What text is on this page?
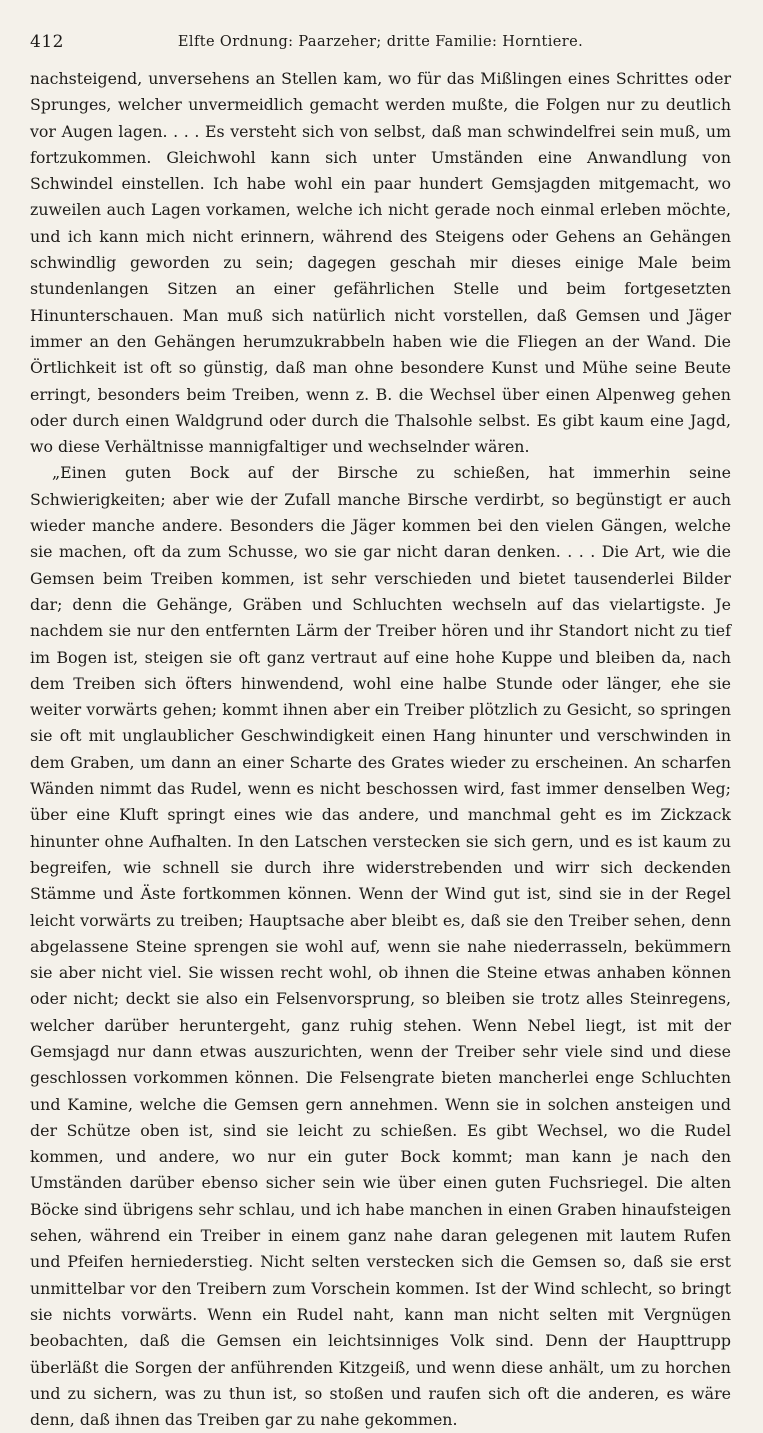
412	Elfte Ordnung: Paarzeher; dritte Familie: Horntiere.

nachsteigend, unversehens an Stellen kam, wo für das Mißlingen eines Schrittes oder Sprunges, welcher unvermeidlich gemacht werden mußte, die Folgen nur zu deutlich vor Augen lagen. . . . Es versteht sich von selbst, daß man schwindelfrei sein muß, um fortzukommen. Gleichwohl kann sich unter Umständen eine Anwandlung von Schwindel einstellen. Ich habe wohl ein paar hundert Gemsjagden mitgemacht, wo zuweilen auch Lagen vorkamen, welche ich nicht gerade noch einmal erleben möchte, und ich kann mich nicht erinnern, während des Steigens oder Gehens an Gehängen schwindlig geworden zu sein; dagegen geschah mir dieses einige Male beim stundenlangen Sitzen an einer gefährlichen Stelle und beim fortgesetzten Hinunterschauen. Man muß sich natürlich nicht vorstellen, daß Gemsen und Jäger immer an den Gehängen herumzukrabbeln haben wie die Fliegen an der Wand. Die Örtlichkeit ist oft so günstig, daß man ohne besondere Kunst und Mühe seine Beute erringt, besonders beim Treiben, wenn z. B. die Wechsel über einen Alpenweg gehen oder durch einen Waldgrund oder durch die Thalsohle selbst. Es gibt kaum eine Jagd, wo diese Verhältnisse mannigfaltiger und wechselnder wären.

„Einen guten Bock auf der Birsche zu schießen, hat immerhin seine Schwierigkeiten; aber wie der Zufall manche Birsche verdirbt, so begünstigt er auch wieder manche andere. Besonders die Jäger kommen bei den vielen Gängen, welche sie machen, oft da zum Schusse, wo sie gar nicht daran denken. . . . Die Art, wie die Gemsen beim Treiben kommen, ist sehr verschieden und bietet tausenderlei Bilder dar; denn die Gehänge, Gräben und Schluchten wechseln auf das vielartigste. Je nachdem sie nur den entfernten Lärm der Treiber hören und ihr Standort nicht zu tief im Bogen ist, steigen sie oft ganz vertraut auf eine hohe Kuppe und bleiben da, nach dem Treiben sich öfters hinwendend, wohl eine halbe Stunde oder länger, ehe sie weiter vorwärts gehen; kommt ihnen aber ein Treiber plötzlich zu Gesicht, so springen sie oft mit unglaublicher Geschwindigkeit einen Hang hinunter und verschwinden in dem Graben, um dann an einer Scharte des Grates wieder zu erscheinen. An scharfen Wänden nimmt das Rudel, wenn es nicht beschossen wird, fast immer denselben Weg; über eine Kluft springt eines wie das andere, und manchmal geht es im Zickzack hinunter ohne Aufhalten. In den Latschen verstecken sie sich gern, und es ist kaum zu begreifen, wie schnell sie durch ihre widerstrebenden und wirr sich deckenden Stämme und Äste fortkommen können. Wenn der Wind gut ist, sind sie in der Regel leicht vorwärts zu treiben; Hauptsache aber bleibt es, daß sie den Treiber sehen, denn abgelassene Steine sprengen sie wohl auf, wenn sie nahe niederrasseln, bekümmern sie aber nicht viel. Sie wissen recht wohl, ob ihnen die Steine etwas anhaben können oder nicht; deckt sie also ein Felsenvorsprung, so bleiben sie trotz alles Steinregens, welcher darüber heruntergeht, ganz ruhig stehen. Wenn Nebel liegt, ist mit der Gemsjagd nur dann etwas auszurichten, wenn der Treiber sehr viele sind und diese geschlossen vorkommen können. Die Felsengrate bieten mancherlei enge Schluchten und Kamine, welche die Gemsen gern annehmen. Wenn sie in solchen ansteigen und der Schütze oben ist, sind sie leicht zu schießen. Es gibt Wechsel, wo die Rudel kommen, und andere, wo nur ein guter Bock kommt; man kann je nach den Umständen darüber ebenso sicher sein wie über einen guten Fuchsriegel. Die alten Böcke sind übrigens sehr schlau, und ich habe manchen in einen Graben hinaufsteigen sehen, während ein Treiber in einem ganz nahe daran gelegenen mit lautem Rufen und Pfeifen herniederstieg. Nicht selten verstecken sich die Gemsen so, daß sie erst unmittelbar vor den Treibern zum Vorschein kommen. Ist der Wind schlecht, so bringt sie nichts vorwärts. Wenn ein Rudel naht, kann man nicht selten mit Vergnügen beobachten, daß die Gemsen ein leichtsinniges Volk sind. Denn der Haupttrupp überläßt die Sorgen der anführenden Kitzgeiß, und wenn diese anhält, um zu horchen und zu sichern, was zu thun ist, so stoßen und raufen sich oft die anderen, es wäre denn, daß ihnen das Treiben gar zu nahe gekommen.
